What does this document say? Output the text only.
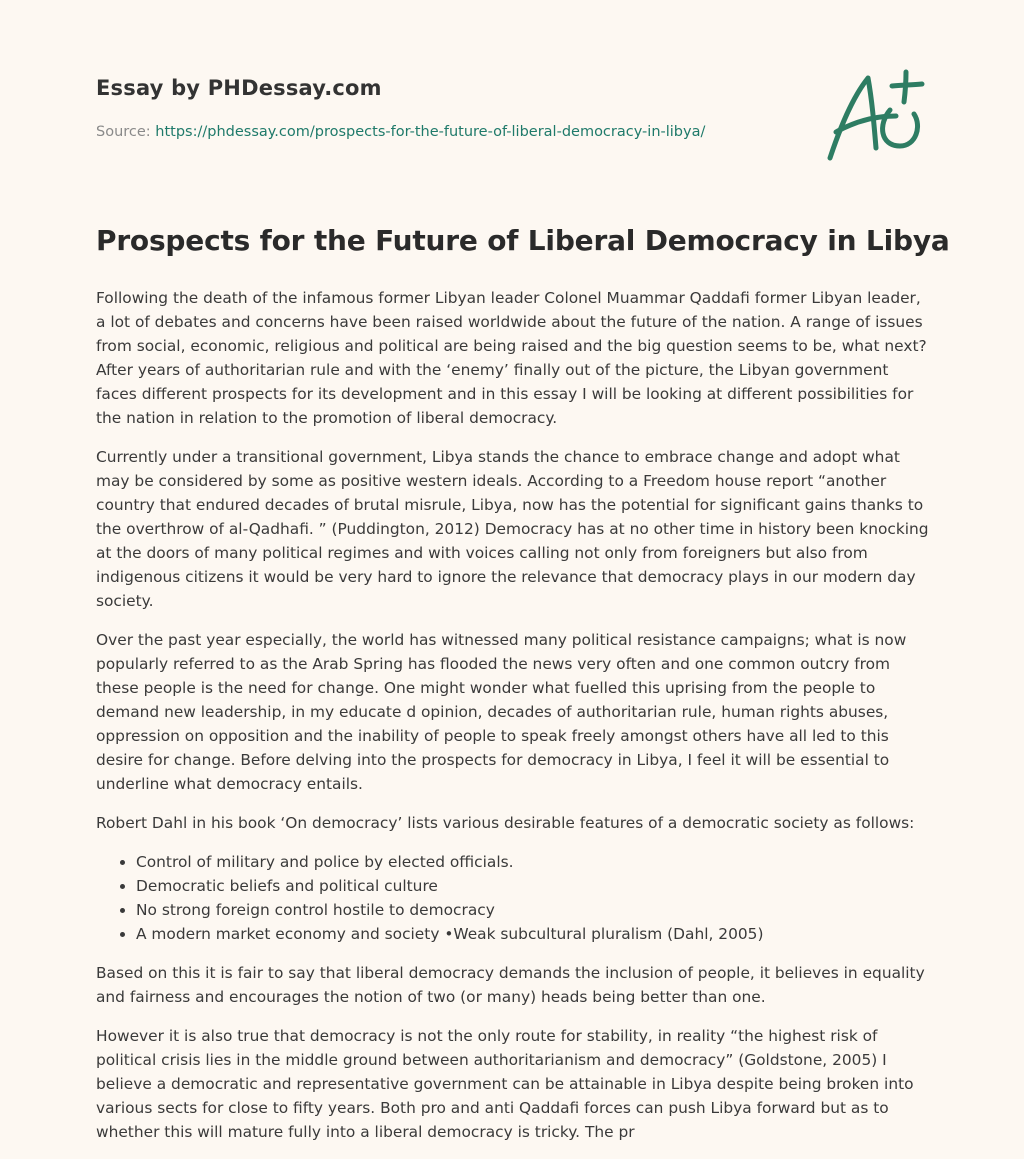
Essay by PHDessay.com

Source: https://phdessay.com/prospects-for-the-future-of-liberal-democracy-in-libya/

Prospects for the Future of Liberal Democracy in Libya

Following the death of the infamous former Libyan leader Colonel Muammar Qaddafi former Libyan leader, a lot of debates and concerns have been raised worldwide about the future of the nation. A range of issues from social, economic, religious and political are being raised and the big question seems to be, what next? After years of authoritarian rule and with the ‘enemy’ finally out of the picture, the Libyan government faces different prospects for its development and in this essay I will be looking at different possibilities for the nation in relation to the promotion of liberal democracy.

Currently under a transitional government, Libya stands the chance to embrace change and adopt what may be considered by some as positive western ideals. According to a Freedom house report “another country that endured decades of brutal misrule, Libya, now has the potential for significant gains thanks to the overthrow of al-Qadhafi. ” (Puddington, 2012) Democracy has at no other time in history been knocking at the doors of many political regimes and with voices calling not only from foreigners but also from indigenous citizens it would be very hard to ignore the relevance that democracy plays in our modern day society.

Over the past year especially, the world has witnessed many political resistance campaigns; what is now popularly referred to as the Arab Spring has flooded the news very often and one common outcry from these people is the need for change. One might wonder what fuelled this uprising from the people to demand new leadership, in my educate d opinion, decades of authoritarian rule, human rights abuses, oppression on opposition and the inability of people to speak freely amongst others have all led to this desire for change. Before delving into the prospects for democracy in Libya, I feel it will be essential to underline what democracy entails.

Robert Dahl in his book ‘On democracy’ lists various desirable features of a democratic society as follows:

• Control of military and police by elected officials.
• Democratic beliefs and political culture
• No strong foreign control hostile to democracy
• A modern market economy and society •Weak subcultural pluralism (Dahl, 2005)

Based on this it is fair to say that liberal democracy demands the inclusion of people, it believes in equality and fairness and encourages the notion of two (or many) heads being better than one.

However it is also true that democracy is not the only route for stability, in reality “the highest risk of political crisis lies in the middle ground between authoritarianism and democracy” (Goldstone, 2005) I believe a democratic and representative government can be attainable in Libya despite being broken into various sects for close to fifty years. Both pro and anti Qaddafi forces can push Libya forward but as to whether this will mature fully into a liberal democracy is tricky. The pr
